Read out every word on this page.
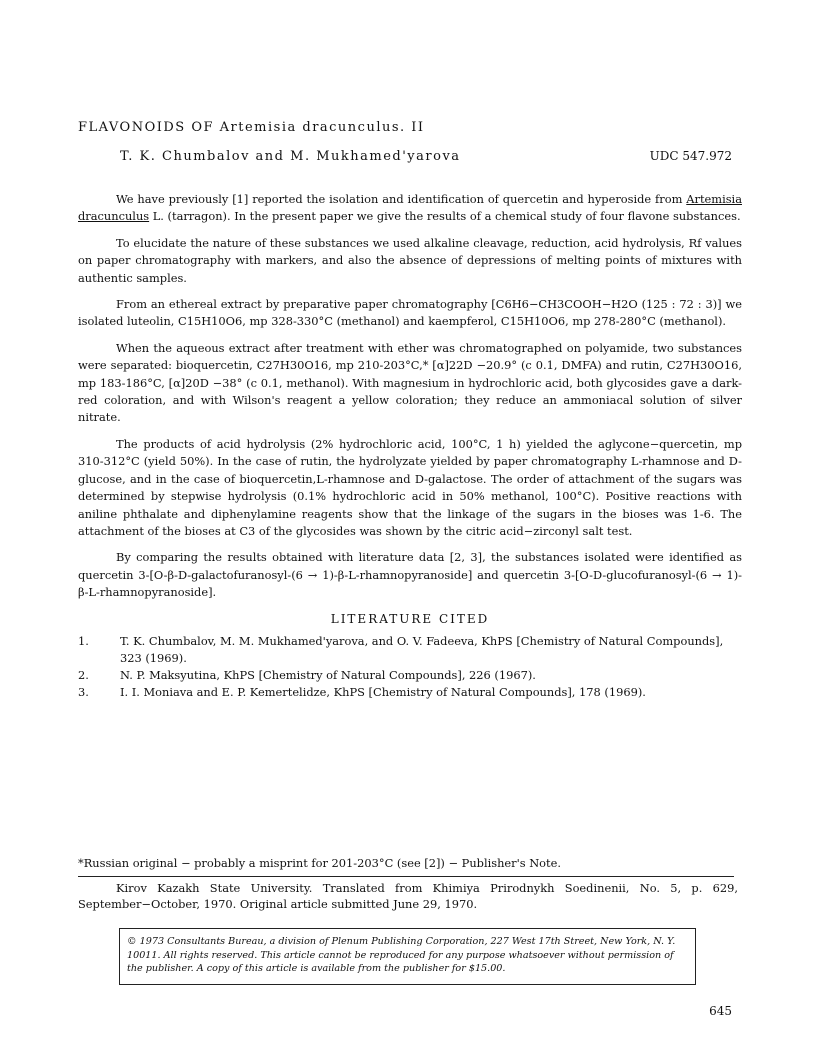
FLAVONOIDS OF Artemisia dracunculus. II
T. K. Chumbalov and M. Mukhamed'yarova	UDC 547.972

We have previously [1] reported the isolation and identification of quercetin and hyperoside from Artemisia dracunculus L. (tarragon). In the present paper we give the results of a chemical study of four flavone substances.

To elucidate the nature of these substances we used alkaline cleavage, reduction, acid hydrolysis, Rf values on paper chromatography with markers, and also the absence of depressions of melting points of mixtures with authentic samples.

From an ethereal extract by preparative paper chromatography [C6H6−CH3COOH−H2O (125 : 72 : 3)] we isolated luteolin, C15H10O6, mp 328-330°C (methanol) and kaempferol, C15H10O6, mp 278-280°C (methanol).

When the aqueous extract after treatment with ether was chromatographed on polyamide, two substances were separated: bioquercetin, C27H30O16, mp 210-203°C,* [α]22D −20.9° (c 0.1, DMFA) and rutin, C27H30O16, mp 183-186°C, [α]20D −38° (c 0.1, methanol). With magnesium in hydrochloric acid, both glycosides gave a dark-red coloration, and with Wilson's reagent a yellow coloration; they reduce an ammoniacal solution of silver nitrate.

The products of acid hydrolysis (2% hydrochloric acid, 100°C, 1 h) yielded the aglycone−quercetin, mp 310-312°C (yield 50%). In the case of rutin, the hydrolyzate yielded by paper chromatography L-rhamnose and D-glucose, and in the case of bioquercetin,L-rhamnose and D-galactose. The order of attachment of the sugars was determined by stepwise hydrolysis (0.1% hydrochloric acid in 50% methanol, 100°C). Positive reactions with aniline phthalate and diphenylamine reagents show that the linkage of the sugars in the bioses was 1-6. The attachment of the bioses at C3 of the glycosides was shown by the citric acid−zirconyl salt test.

By comparing the results obtained with literature data [2, 3], the substances isolated were identified as quercetin 3-[O-β-D-galactofuranosyl-(6 → 1)-β-L-rhamnopyranoside] and quercetin 3-[O-D-glucofuranosyl-(6 → 1)-β-L-rhamnopyranoside].

LITERATURE CITED
1.	T. K. Chumbalov, M. M. Mukhamed'yarova, and O. V. Fadeeva, KhPS [Chemistry of Natural Compounds], 323 (1969).
2.	N. P. Maksyutina, KhPS [Chemistry of Natural Compounds], 226 (1967).
3.	I. I. Moniava and E. P. Kemertelidze, KhPS [Chemistry of Natural Compounds], 178 (1969).
*Russian original − probably a misprint for 201-203°C (see [2]) − Publisher's Note.
Kirov Kazakh State University. Translated from Khimiya Prirodnykh Soedinenii, No. 5, p. 629, September−October, 1970. Original article submitted June 29, 1970.
© 1973 Consultants Bureau, a division of Plenum Publishing Corporation, 227 West 17th Street, New York, N. Y. 10011. All rights reserved. This article cannot be reproduced for any purpose whatsoever without permission of the publisher. A copy of this article is available from the publisher for $15.00.
645
